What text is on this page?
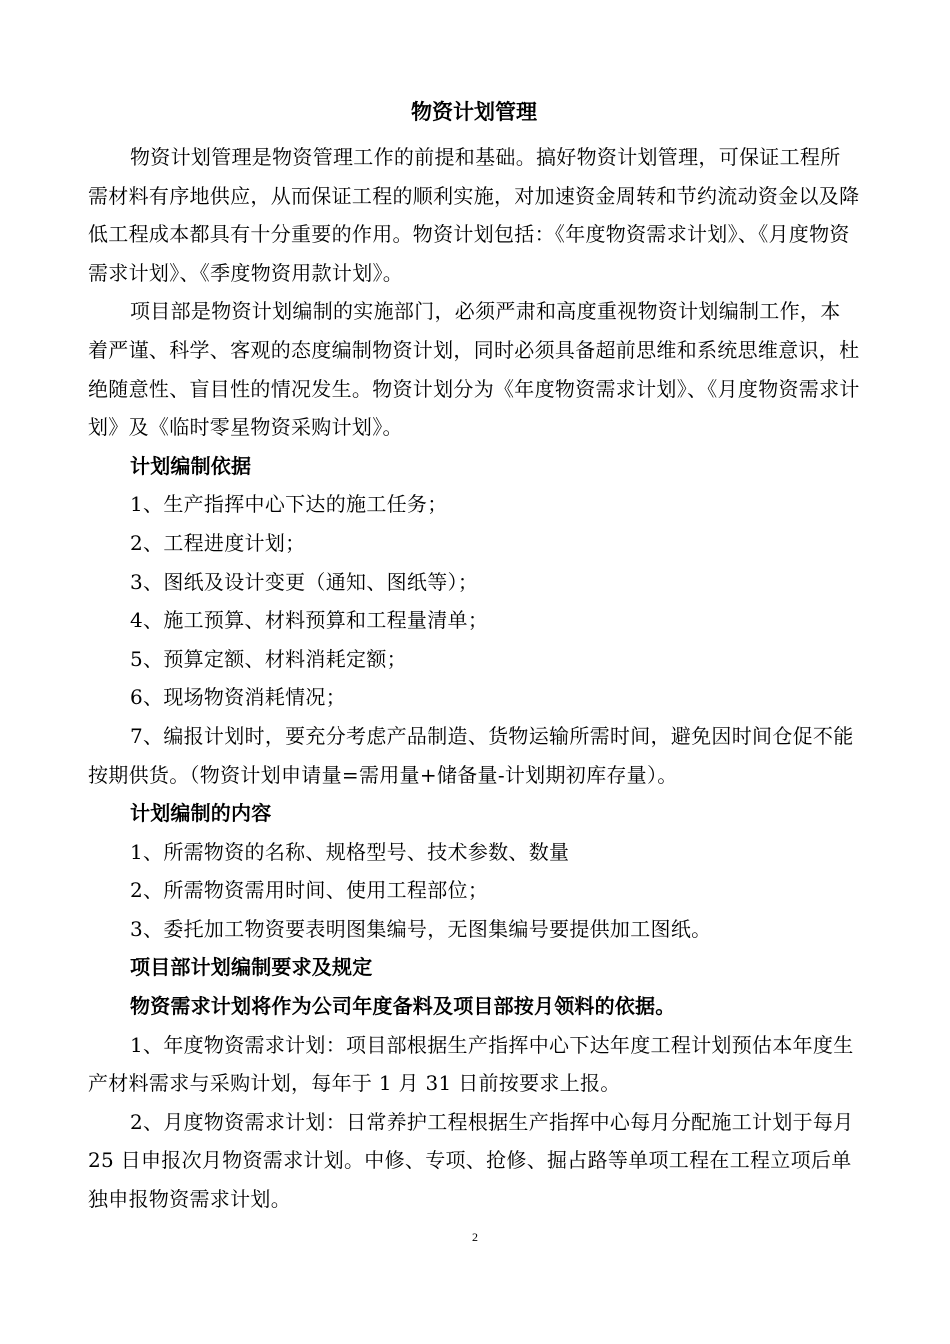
物资计划管理

物资计划管理是物资管理工作的前提和基础。搞好物资计划管理，可保证工程所需材料有序地供应，从而保证工程的顺利实施，对加速资金周转和节约流动资金以及降低工程成本都具有十分重要的作用。物资计划包括：《年度物资需求计划》、《月度物资需求计划》、《季度物资用款计划》。

项目部是物资计划编制的实施部门，必须严肃和高度重视物资计划编制工作，本着严谨、科学、客观的态度编制物资计划，同时必须具备超前思维和系统思维意识，杜绝随意性、盲目性的情况发生。物资计划分为《年度物资需求计划》、《月度物资需求计划》及《临时零星物资采购计划》。

计划编制依据

1、生产指挥中心下达的施工任务；

2、工程进度计划；

3、图纸及设计变更（通知、图纸等）；

4、施工预算、材料预算和工程量清单；

5、预算定额、材料消耗定额；

6、现场物资消耗情况；

7、编报计划时，要充分考虑产品制造、货物运输所需时间，避免因时间仓促不能按期供货。（物资计划申请量=需用量+储备量-计划期初库存量）。

计划编制的内容

1、所需物资的名称、规格型号、技术参数、数量

2、所需物资需用时间、使用工程部位；

3、委托加工物资要表明图集编号，无图集编号要提供加工图纸。

项目部计划编制要求及规定

物资需求计划将作为公司年度备料及项目部按月领料的依据。

1、年度物资需求计划：项目部根据生产指挥中心下达年度工程计划预估本年度生产材料需求与采购计划，每年于 1 月 31 日前按要求上报。

2、月度物资需求计划：日常养护工程根据生产指挥中心每月分配施工计划于每月 25 日申报次月物资需求计划。中修、专项、抢修、掘占路等单项工程在工程立项后单独申报物资需求计划。

2
